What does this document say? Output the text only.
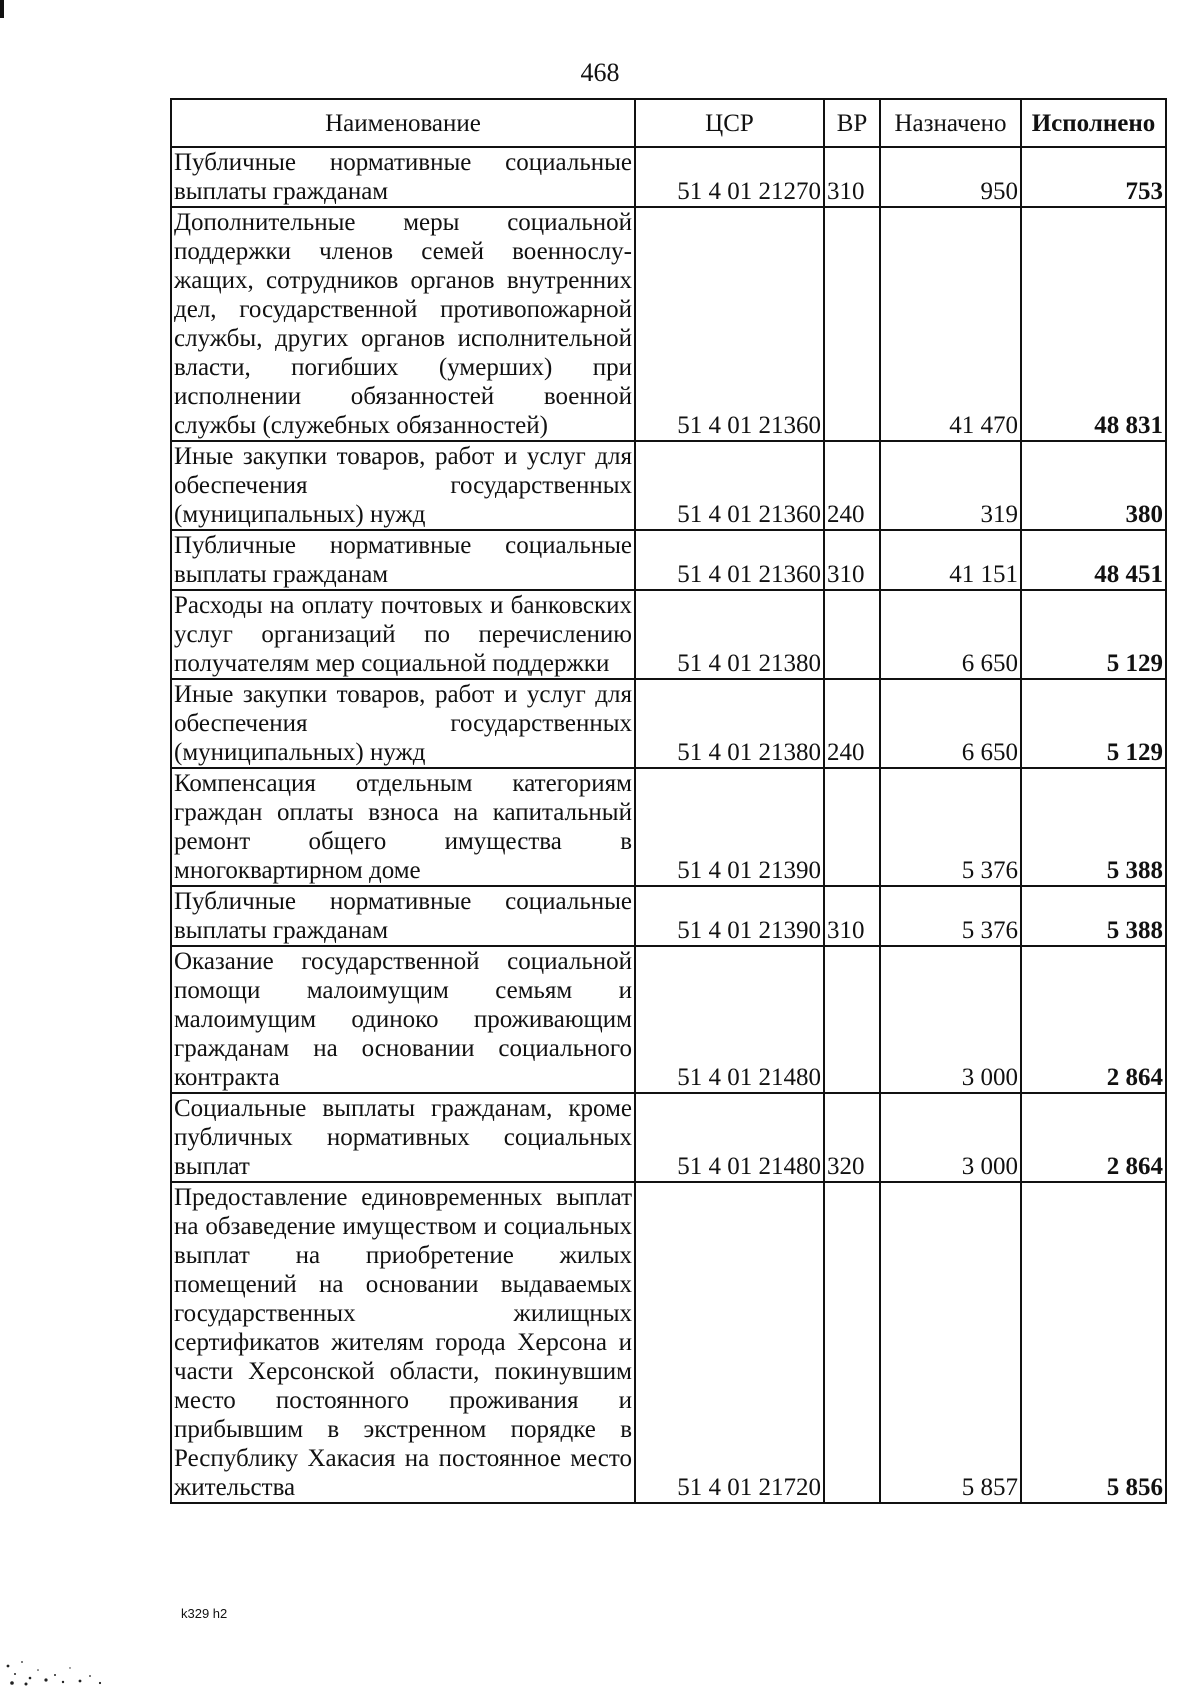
468
Наименование	ЦСР	ВР	Назначено	Исполнено
Публичные нормативные социальные выплаты гражданам	51 4 01 21270	310	950	753
Дополнительные меры социальной поддержки членов семей военнослужащих, сотрудников органов внутренних дел, государственной противопожарной службы, других органов исполнительной власти, погибших (умерших) при исполнении обязанностей военной службы (служебных обязанностей)	51 4 01 21360		41 470	48 831
Иные закупки товаров, работ и услуг для обеспечения государственных (муниципальных) нужд	51 4 01 21360	240	319	380
Публичные нормативные социальные выплаты гражданам	51 4 01 21360	310	41 151	48 451
Расходы на оплату почтовых и банковских услуг организаций по перечислению получателям мер социальной поддержки	51 4 01 21380		6 650	5 129
Иные закупки товаров, работ и услуг для обеспечения государственных (муниципальных) нужд	51 4 01 21380	240	6 650	5 129
Компенсация отдельным категориям граждан оплаты взноса на капитальный ремонт общего имущества в многоквартирном доме	51 4 01 21390		5 376	5 388
Публичные нормативные социальные выплаты гражданам	51 4 01 21390	310	5 376	5 388
Оказание государственной социальной помощи малоимущим семьям и малоимущим одиноко проживающим гражданам на основании социального контракта	51 4 01 21480		3 000	2 864
Социальные выплаты гражданам, кроме публичных нормативных социальных выплат	51 4 01 21480	320	3 000	2 864
Предоставление единовременных выплат на обзаведение имуществом и социальных выплат на приобретение жилых помещений на основании выдаваемых государственных жилищных сертификатов жителям города Херсона и части Херсонской области, покинувшим место постоянного проживания и прибывшим в экстренном порядке в Республику Хакасия на постоянное место жительства	51 4 01 21720		5 857	5 856
k329 h2
